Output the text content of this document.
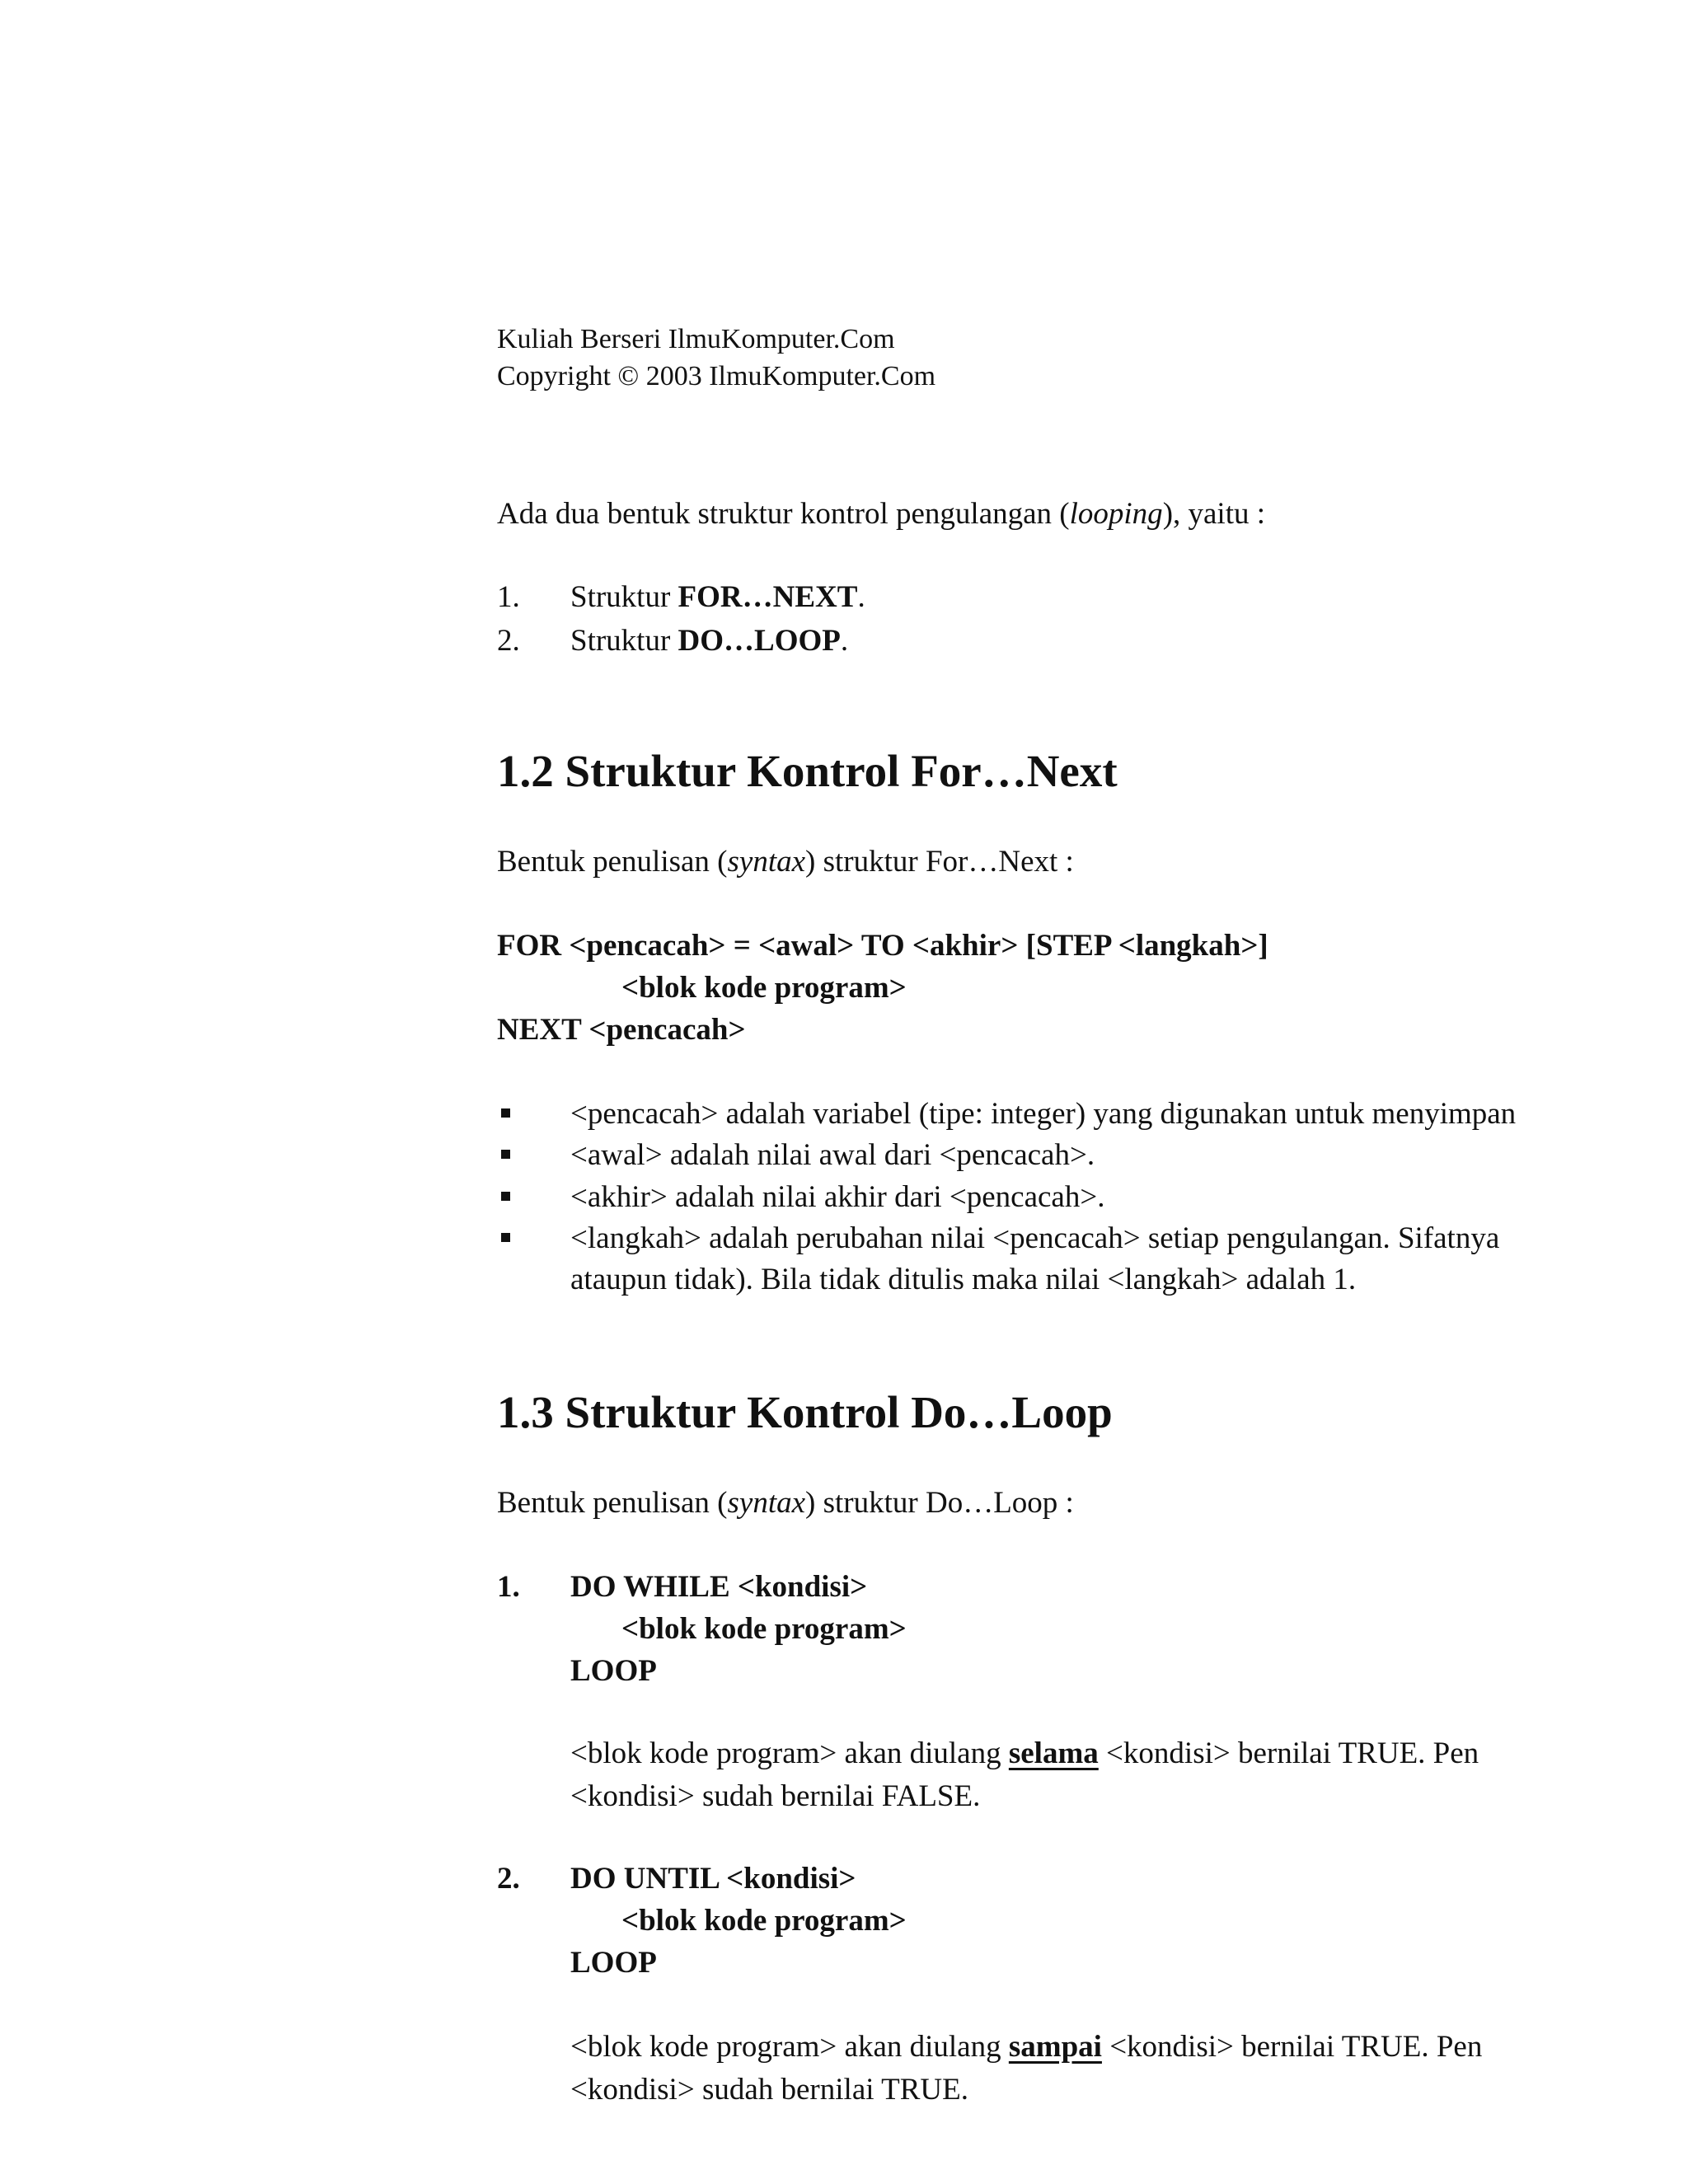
Kuliah Berseri IlmuKomputer.Com
Copyright © 2003 IlmuKomputer.Com
Ada dua bentuk struktur kontrol pengulangan (looping), yaitu :
1. Struktur FOR…NEXT.
2. Struktur DO…LOOP.
1.2 Struktur Kontrol For…Next
Bentuk penulisan (syntax) struktur For…Next :
FOR <pencacah> = <awal> TO <akhir> [STEP <langkah>]
<blok kode program>
NEXT <pencacah>
<pencacah> adalah variabel (tipe: integer) yang digunakan untuk menyimpan
<awal> adalah nilai awal dari <pencacah>.
<akhir> adalah nilai akhir dari <pencacah>.
<langkah> adalah perubahan nilai <pencacah> setiap pengulangan. Sifatnya
ataupun tidak). Bila tidak ditulis maka nilai <langkah> adalah 1.
1.3 Struktur Kontrol Do…Loop
Bentuk penulisan (syntax) struktur Do…Loop :
1. DO WHILE <kondisi>
<blok kode program>
LOOP
<blok kode program> akan diulang selama <kondisi> bernilai TRUE. Pen
<kondisi> sudah bernilai FALSE.
2. DO UNTIL <kondisi>
<blok kode program>
LOOP
<blok kode program> akan diulang sampai <kondisi> bernilai TRUE. Pen
<kondisi> sudah bernilai TRUE.
